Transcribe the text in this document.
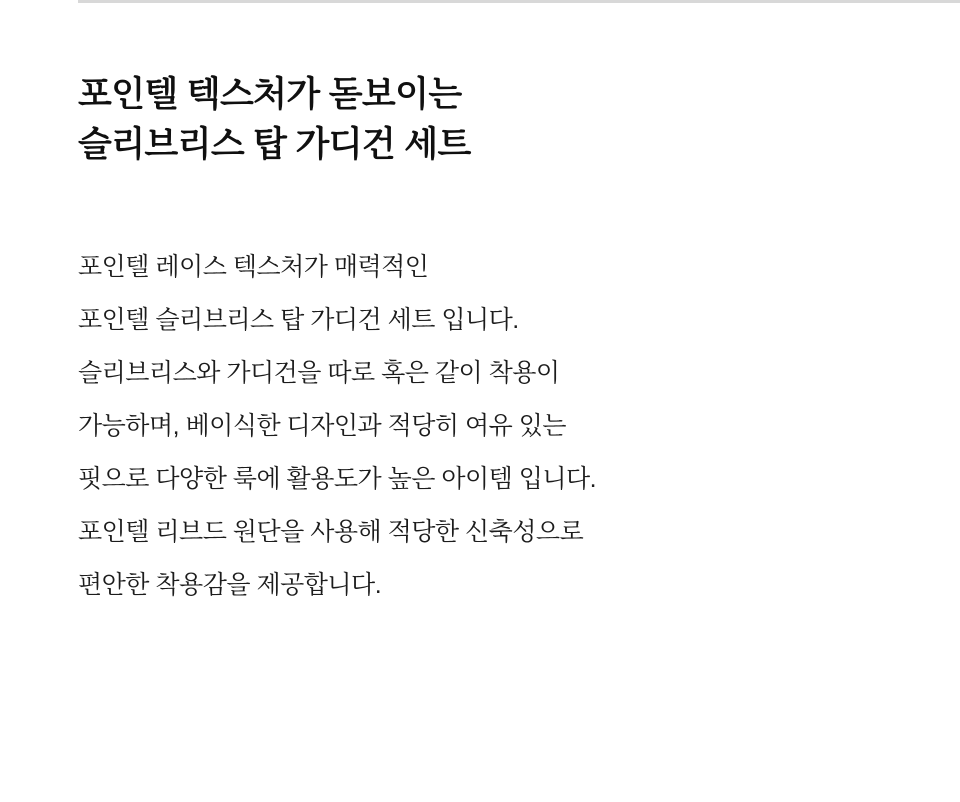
포인텔 텍스처가 돋보이는
슬리브리스 탑 가디건 세트
포인텔 레이스 텍스처가 매력적인
포인텔 슬리브리스 탑 가디건 세트 입니다.
슬리브리스와 가디건을 따로 혹은 같이 착용이
가능하며, 베이식한 디자인과 적당히 여유 있는
핏으로 다양한 룩에 활용도가 높은 아이템 입니다.
포인텔 리브드 원단을 사용해 적당한 신축성으로
편안한 착용감을 제공합니다.
